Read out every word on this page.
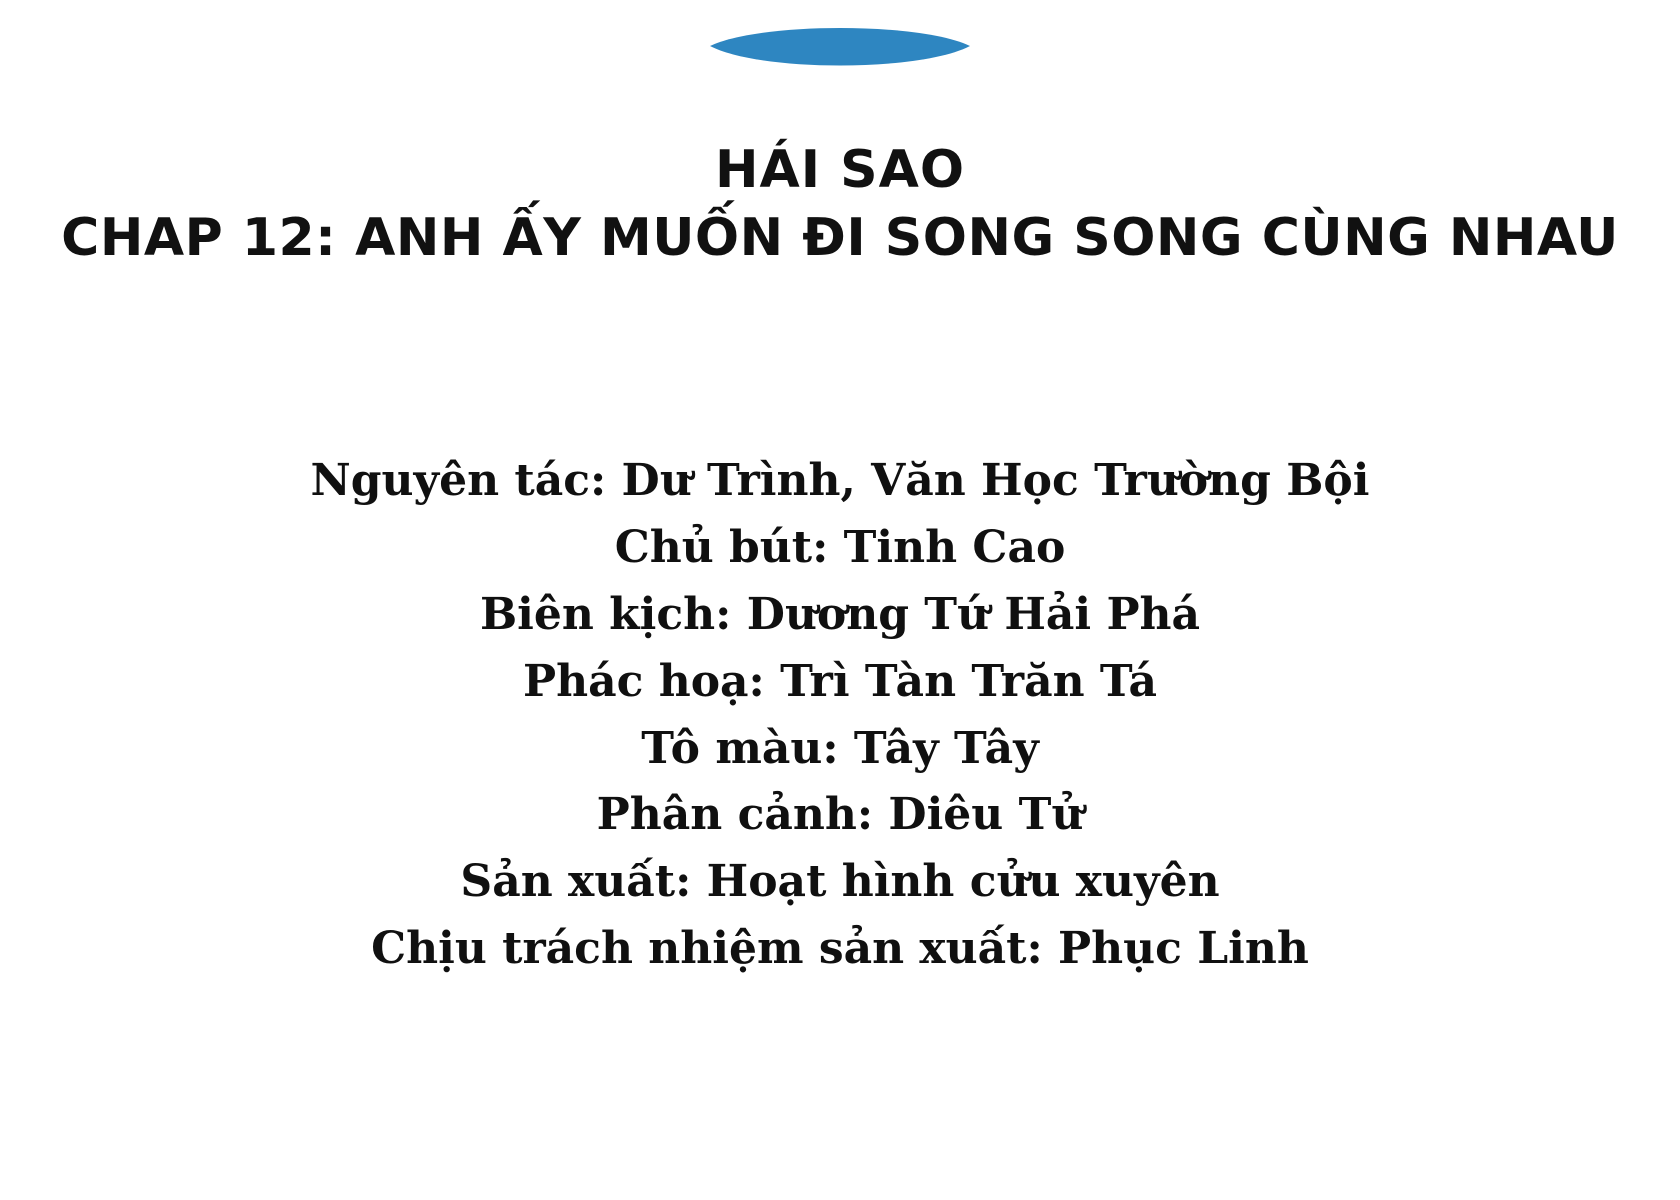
HÁI SAO
CHAP 12: ANH ẤY MUỐN ĐI SONG SONG CÙNG NHAU
Nguyên tác: Dư Trình, Văn Học Trường Bội
Chủ bút: Tinh Cao
Biên kịch: Dương Tứ Hải Phá
Phác hoạ: Trì Tàn Trăn Tá
Tô màu: Tây Tây
Phân cảnh: Diêu Tử
Sản xuất: Hoạt hình cửu xuyên
Chịu trách nhiệm sản xuất: Phục Linh
